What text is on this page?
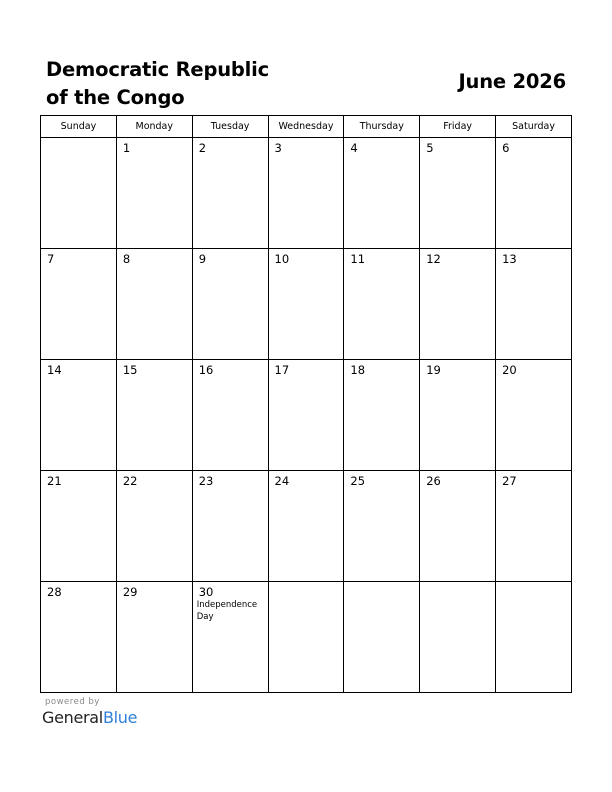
Democratic Republic
of the Congo
June 2026
Sunday	Monday	Tuesday	Wednesday	Thursday	Friday	Saturday

	1	2	3	4	5	6

7	8	9	10	11	12	13

14	15	16	17	18	19	20

21	22	23	24	25	26	27

28	29	30
Independence Day				

powered by
GeneralBlue
